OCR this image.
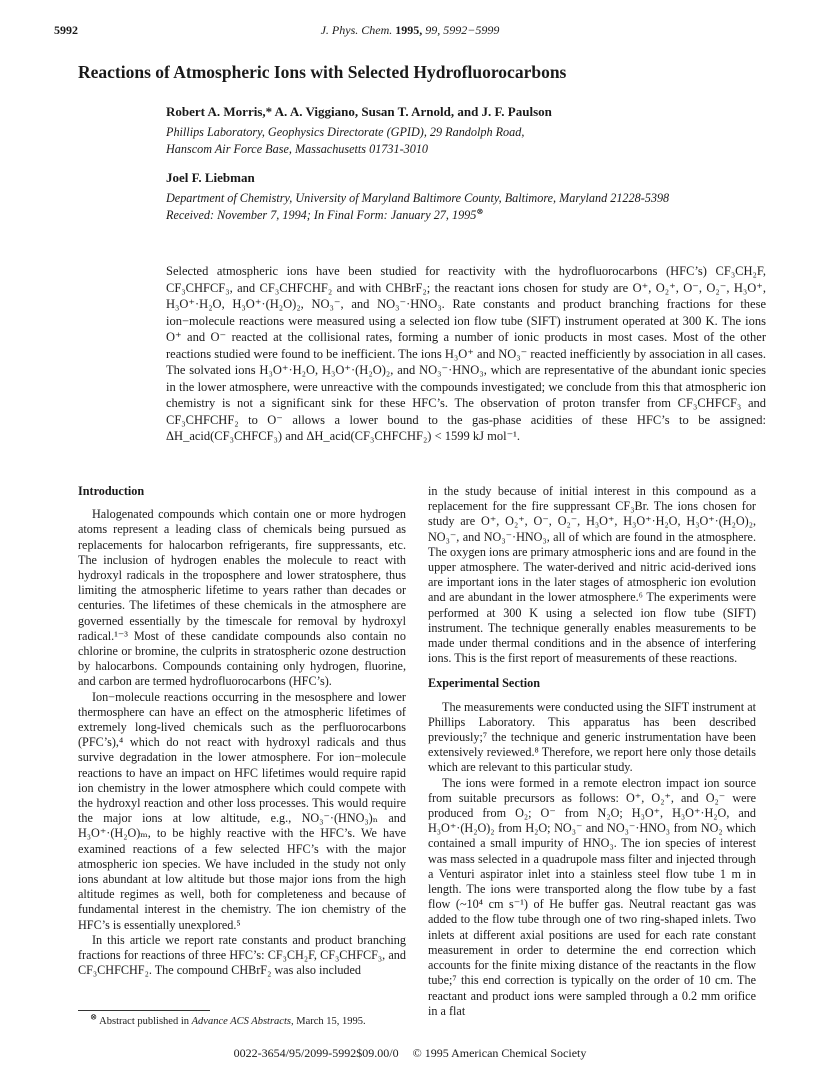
5992	J. Phys. Chem. 1995, 99, 5992−5999
Reactions of Atmospheric Ions with Selected Hydrofluorocarbons
Robert A. Morris,* A. A. Viggiano, Susan T. Arnold, and J. F. Paulson
Phillips Laboratory, Geophysics Directorate (GPID), 29 Randolph Road,
Hanscom Air Force Base, Massachusetts 01731-3010
Joel F. Liebman
Department of Chemistry, University of Maryland Baltimore County, Baltimore, Maryland 21228-5398
Received: November 7, 1994; In Final Form: January 27, 1995⊗
Selected atmospheric ions have been studied for reactivity with the hydrofluorocarbons (HFC’s) CF₃CH₂F, CF₃CHFCF₃, and CF₃CHFCHF₂ and with CHBrF₂; the reactant ions chosen for study are O⁺, O₂⁺, O⁻, O₂⁻, H₃O⁺, H₃O⁺·H₂O, H₃O⁺·(H₂O)₂, NO₃⁻, and NO₃⁻·HNO₃. Rate constants and product branching fractions for these ion−molecule reactions were measured using a selected ion flow tube (SIFT) instrument operated at 300 K. The ions O⁺ and O⁻ reacted at the collisional rates, forming a number of ionic products in most cases. Most of the other reactions studied were found to be inefficient. The ions H₃O⁺ and NO₃⁻ reacted inefficiently by association in all cases. The solvated ions H₃O⁺·H₂O, H₃O⁺·(H₂O)₂, and NO₃⁻·HNO₃, which are representative of the abundant ionic species in the lower atmosphere, were unreactive with the compounds investigated; we conclude from this that atmospheric ion chemistry is not a significant sink for these HFC’s. The observation of proton transfer from CF₃CHFCF₃ and CF₃CHFCHF₂ to O⁻ allows a lower bound to the gas-phase acidities of these HFC’s to be assigned: ΔH_acid(CF₃CHFCF₃) and ΔH_acid(CF₃CHFCHF₂) < 1599 kJ mol⁻¹.
Introduction

Halogenated compounds which contain one or more hydrogen atoms represent a leading class of chemicals being pursued as replacements for halocarbon refrigerants, fire suppressants, etc. The inclusion of hydrogen enables the molecule to react with hydroxyl radicals in the troposphere and lower stratosphere, thus limiting the atmospheric lifetime to years rather than decades or centuries. The lifetimes of these chemicals in the atmosphere are governed essentially by the timescale for removal by hydroxyl radical.¹⁻³ Most of these candidate compounds also contain no chlorine or bromine, the culprits in stratospheric ozone destruction by halocarbons. Compounds containing only hydrogen, fluorine, and carbon are termed hydrofluorocarbons (HFC’s).

Ion−molecule reactions occurring in the mesosphere and lower thermosphere can have an effect on the atmospheric lifetimes of extremely long-lived chemicals such as the perfluorocarbons (PFC’s),⁴ which do not react with hydroxyl radicals and thus survive degradation in the lower atmosphere. For ion−molecule reactions to have an impact on HFC lifetimes would require rapid ion chemistry in the lower atmosphere which could compete with the hydroxyl reaction and other loss processes. This would require the major ions at low altitude, e.g., NO₃⁻·(HNO₃)ₙ and H₃O⁺·(H₂O)ₘ, to be highly reactive with the HFC’s. We have examined reactions of a few selected HFC’s with the major atmospheric ion species. We have included in the study not only ions abundant at low altitude but those major ions from the high altitude regimes as well, both for completeness and because of fundamental interest in the chemistry. The ion chemistry of the HFC’s is essentially unexplored.⁵

In this article we report rate constants and product branching fractions for reactions of three HFC’s: CF₃CH₂F, CF₃CHFCF₃, and CF₃CHFCHF₂. The compound CHBrF₂ was also included

in the study because of initial interest in this compound as a replacement for the fire suppressant CF₃Br. The ions chosen for study are O⁺, O₂⁺, O⁻, O₂⁻, H₃O⁺, H₃O⁺·H₂O, H₃O⁺·(H₂O)₂, NO₃⁻, and NO₃⁻·HNO₃, all of which are found in the atmosphere. The oxygen ions are primary atmospheric ions and are found in the upper atmosphere. The water-derived and nitric acid-derived ions are important ions in the later stages of atmospheric ion evolution and are abundant in the lower atmosphere.⁶ The experiments were performed at 300 K using a selected ion flow tube (SIFT) instrument. The technique generally enables measurements to be made under thermal conditions and in the absence of interfering ions. This is the first report of measurements of these reactions.

Experimental Section

The measurements were conducted using the SIFT instrument at Phillips Laboratory. This apparatus has been described previously;⁷ the technique and generic instrumentation have been extensively reviewed.⁸ Therefore, we report here only those details which are relevant to this particular study.

The ions were formed in a remote electron impact ion source from suitable precursors as follows: O⁺, O₂⁺, and O₂⁻ were produced from O₂; O⁻ from N₂O; H₃O⁺, H₃O⁺·H₂O, and H₃O⁺·(H₂O)₂ from H₂O; NO₃⁻ and NO₃⁻·HNO₃ from NO₂ which contained a small impurity of HNO₃. The ion species of interest was mass selected in a quadrupole mass filter and injected through a Venturi aspirator inlet into a stainless steel flow tube 1 m in length. The ions were transported along the flow tube by a fast flow (~10⁴ cm s⁻¹) of He buffer gas. Neutral reactant gas was added to the flow tube through one of two ring-shaped inlets. Two inlets at different axial positions are used for each rate constant measurement in order to determine the end correction which accounts for the finite mixing distance of the reactants in the flow tube;⁷ this end correction is typically on the order of 10 cm. The reactant and product ions were sampled through a 0.2 mm orifice in a flat

⊗ Abstract published in Advance ACS Abstracts, March 15, 1995.
0022-3654/95/2099-5992$09.00/0 © 1995 American Chemical Society
